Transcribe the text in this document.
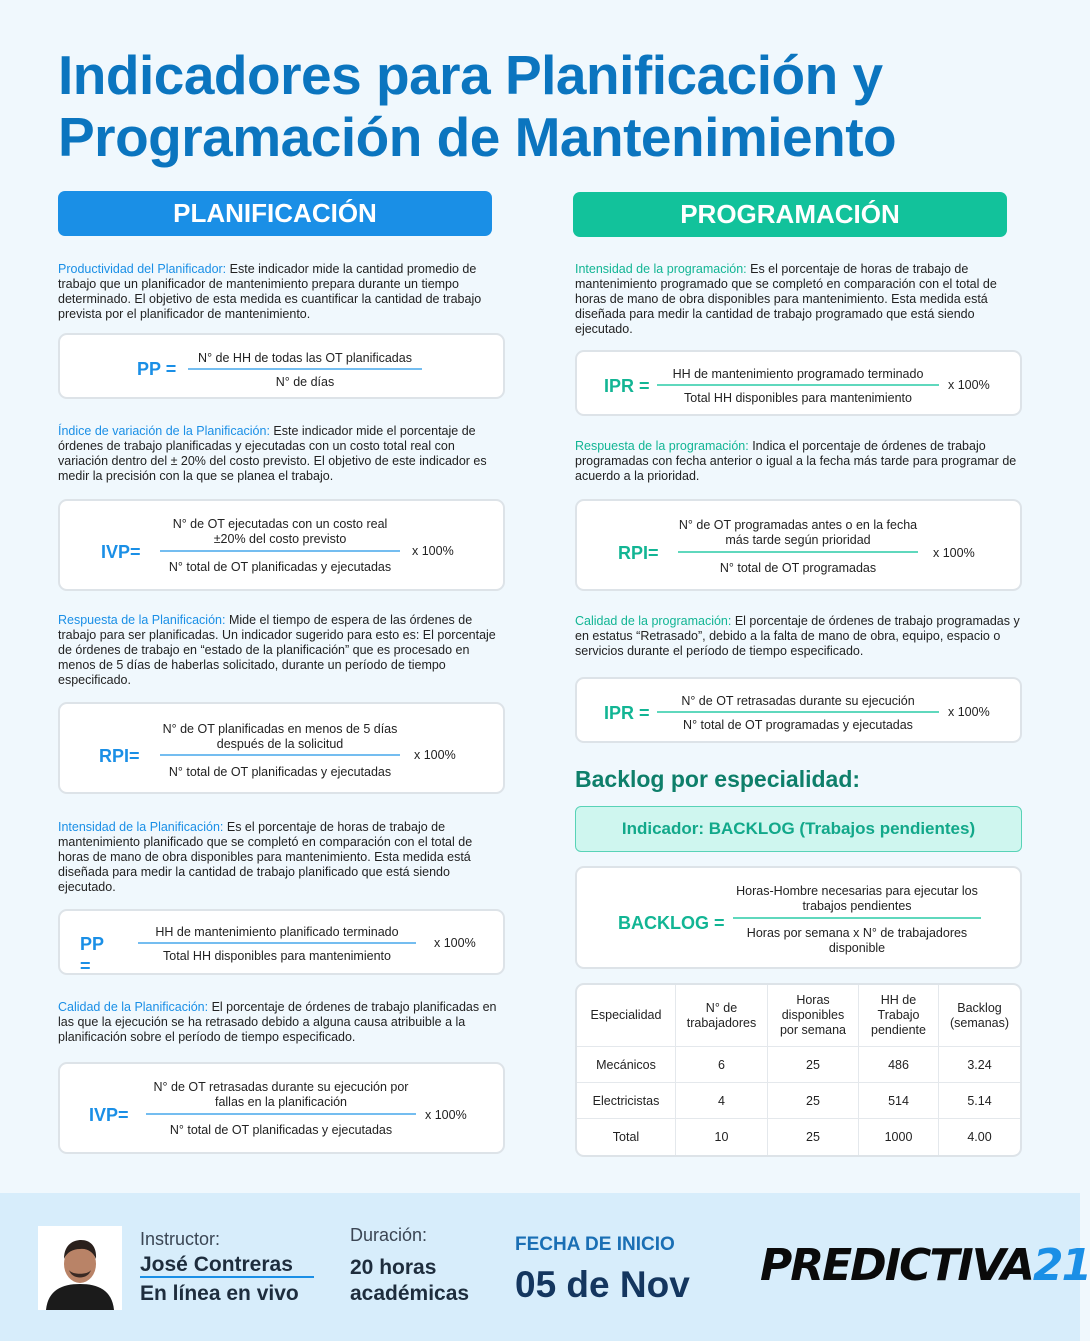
Indicadores para Planificación y Programación de Mantenimiento
PLANIFICACIÓN

Productividad del Planificador: Este indicador mide la cantidad promedio de trabajo que un planificador de mantenimiento prepara durante un tiempo determinado. El objetivo de esta medida es cuantificar la cantidad de trabajo prevista por el planificador de mantenimiento.

PP =
N° de HH de todas las OT planificadas
N° de días

Índice de variación de la Planificación: Este indicador mide el porcentaje de órdenes de trabajo planificadas y ejecutadas con un costo total real con variación dentro del ± 20% del costo previsto. El objetivo de este indicador es medir la precisión con la que se planea el trabajo.

IVP=
N° de OT ejecutadas con un costo real ±20% del costo previsto
N° total de OT planificadas y ejecutadas
x 100%

Respuesta de la Planificación: Mide el tiempo de espera de las órdenes de trabajo para ser planificadas. Un indicador sugerido para esto es: El porcentaje de órdenes de trabajo en “estado de la planificación” que es procesado en menos de 5 días de haberlas solicitado, durante un período de tiempo especificado.

RPI=
N° de OT planificadas en menos de 5 días después de la solicitud
N° total de OT planificadas y ejecutadas
x 100%

Intensidad de la Planificación: Es el porcentaje de horas de trabajo de mantenimiento planificado que se completó en comparación con el total de horas de mano de obra disponibles para mantenimiento. Esta medida está diseñada para medir la cantidad de trabajo planificado que está siendo ejecutado.

PP =
HH de mantenimiento planificado terminado
Total HH disponibles para mantenimiento
x 100%

Calidad de la Planificación: El porcentaje de órdenes de trabajo planificadas en las que la ejecución se ha retrasado debido a alguna causa atribuible a la planificación sobre el período de tiempo especificado.

IVP=
N° de OT retrasadas durante su ejecución por fallas en la planificación
N° total de OT planificadas y ejecutadas
x 100%
PROGRAMACIÓN

Intensidad de la programación: Es el porcentaje de horas de trabajo de mantenimiento programado que se completó en comparación con el total de horas de mano de obra disponibles para mantenimiento. Esta medida está diseñada para medir la cantidad de trabajo programado que está siendo ejecutado.

IPR =
HH de mantenimiento programado terminado
Total HH disponibles para mantenimiento
x 100%

Respuesta de la programación: Indica el porcentaje de órdenes de trabajo programadas con fecha anterior o igual a la fecha más tarde para programar de acuerdo a la prioridad.

RPI=
N° de OT programadas antes o en la fecha más tarde según prioridad
N° total de OT programadas
x 100%

Calidad de la programación: El porcentaje de órdenes de trabajo programadas y en estatus “Retrasado”, debido a la falta de mano de obra, equipo, espacio o servicios durante el período de tiempo especificado.

IPR =
N° de OT retrasadas durante su ejecución
N° total de OT programadas y ejecutadas
x 100%
Backlog por especialidad:
Indicador: BACKLOG (Trabajos pendientes)
BACKLOG =
Horas-Hombre necesarias para ejecutar los trabajos pendientes
Horas por semana x N° de trabajadores disponible
Especialidad	N° de trabajadores	Horas disponibles por semana	HH de Trabajo pendiente	Backlog (semanas)
Mecánicos	6	25	486	3.24
Electricistas	4	25	514	5.14
Total	10	25	1000	4.00
Instructor:
José Contreras
En línea en vivo
Duración:
20 horas
académicas
FECHA DE INICIO
05 de Nov PREDICTIVA21
